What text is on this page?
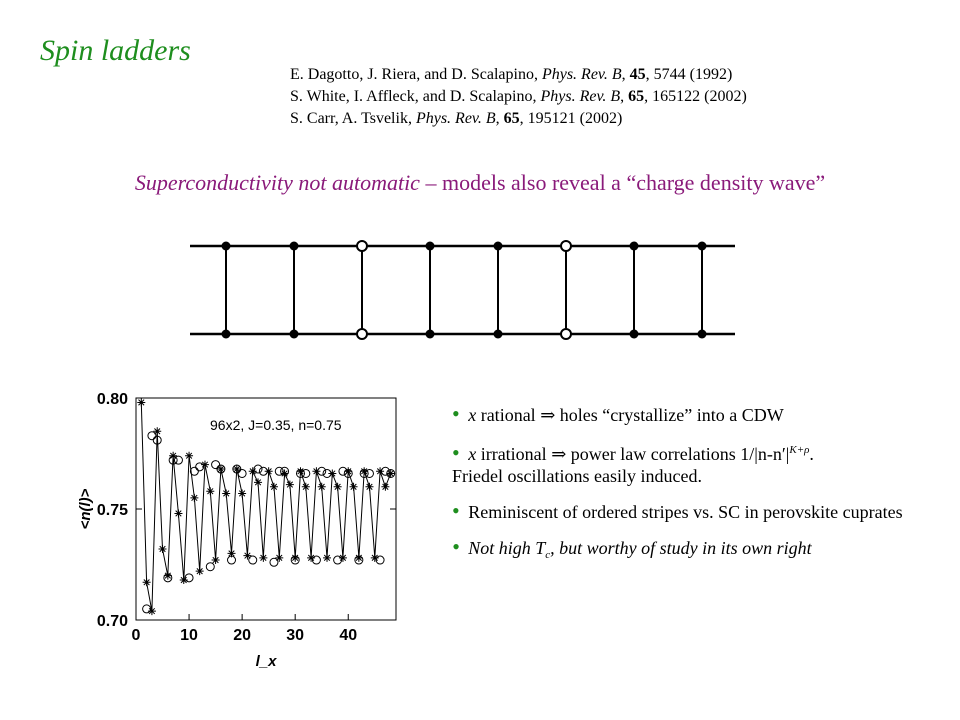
Spin ladders
E. Dagotto, J. Riera, and D. Scalapino, Phys. Rev. B, 45, 5744 (1992)
S. White, I. Affleck, and D. Scalapino, Phys. Rev. B, 65, 165122 (2002)
S. Carr, A. Tsvelik, Phys. Rev. B, 65, 195121 (2002)
Superconductivity not automatic – models also reveal a “charge density wave”
0.70
0.75
0.80
0 10 20 30 40
96x2, J=0.35, n=0.75
<n(l)>
l_x
• x rational ⇒ holes “crystallize” into a CDW
• x irrational ⇒ power law correlations $1/|n-n'|^{K+\rho}$.
Friedel oscillations easily induced.
• Reminiscent of ordered stripes vs. SC in perovskite cuprates
• Not high $T_c$, but worthy of study in its own right
